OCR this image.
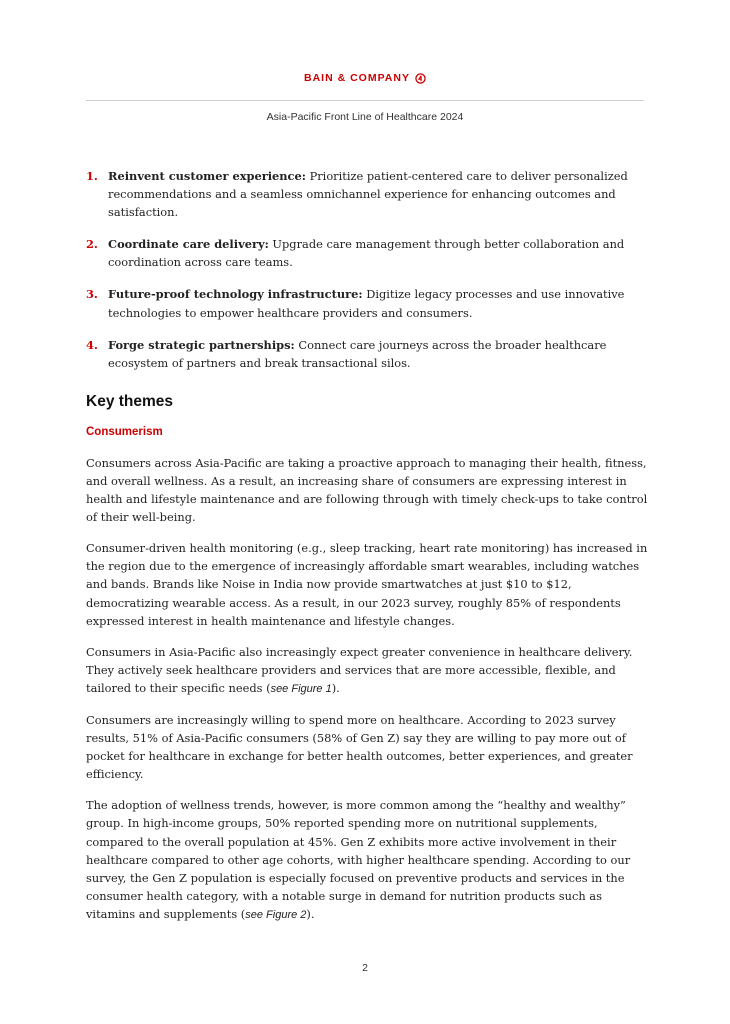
BAIN & COMPANY
Asia-Pacific Front Line of Healthcare 2024
1. Reinvent customer experience: Prioritize patient-centered care to deliver personalized recommendations and a seamless omnichannel experience for enhancing outcomes and satisfaction.
2. Coordinate care delivery: Upgrade care management through better collaboration and coordination across care teams.
3. Future-proof technology infrastructure: Digitize legacy processes and use innovative technologies to empower healthcare providers and consumers.
4. Forge strategic partnerships: Connect care journeys across the broader healthcare ecosystem of partners and break transactional silos.
Key themes
Consumerism

Consumers across Asia-Pacific are taking a proactive approach to managing their health, fitness, and overall wellness. As a result, an increasing share of consumers are expressing interest in health and lifestyle maintenance and are following through with timely check-ups to take control of their well-being.

Consumer-driven health monitoring (e.g., sleep tracking, heart rate monitoring) has increased in the region due to the emergence of increasingly affordable smart wearables, including watches and bands. Brands like Noise in India now provide smartwatches at just $10 to $12, democratizing wearable access. As a result, in our 2023 survey, roughly 85% of respondents expressed interest in health maintenance and lifestyle changes.

Consumers in Asia-Pacific also increasingly expect greater convenience in healthcare delivery. They actively seek healthcare providers and services that are more accessible, flexible, and tailored to their specific needs (see Figure 1).

Consumers are increasingly willing to spend more on healthcare. According to 2023 survey results, 51% of Asia-Pacific consumers (58% of Gen Z) say they are willing to pay more out of pocket for healthcare in exchange for better health outcomes, better experiences, and greater efficiency.

The adoption of wellness trends, however, is more common among the “healthy and wealthy” group. In high-income groups, 50% reported spending more on nutritional supplements, compared to the overall population at 45%. Gen Z exhibits more active involvement in their healthcare compared to other age cohorts, with higher healthcare spending. According to our survey, the Gen Z population is especially focused on preventive products and services in the consumer health category, with a notable surge in demand for nutrition products such as vitamins and supplements (see Figure 2).

2
